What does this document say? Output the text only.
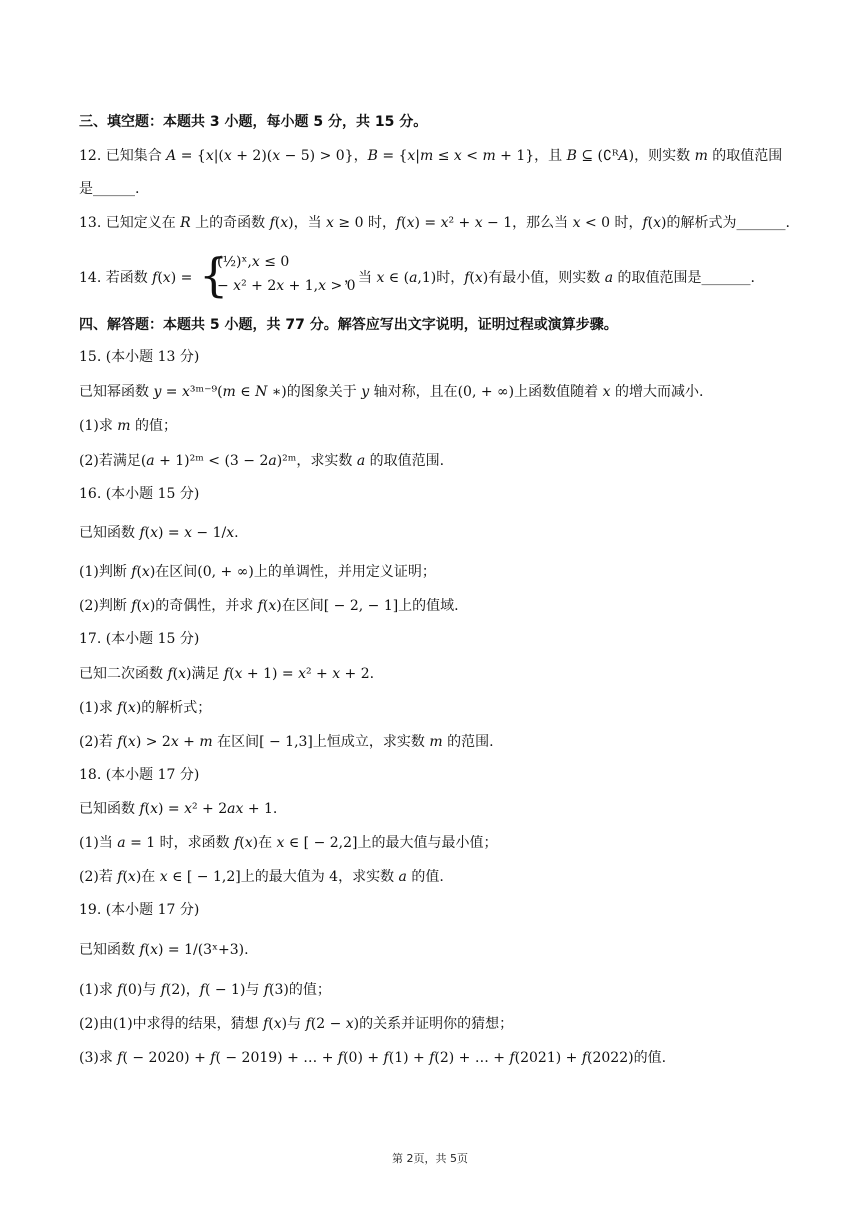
三、填空题：本题共 3 小题，每小题 5 分，共 15 分。
12. 已知集合 𝐴 = {𝑥|(𝑥 + 2)(𝑥 − 5) > 0}，𝐵 = {𝑥|𝑚 ≤ 𝑥 < 𝑚 + 1}，且 𝐵 ⊆ (∁ᴿ𝐴)，则实数 𝑚 的取值范围
是______.
13. 已知定义在 𝑅 上的奇函数 𝑓(𝑥)，当 𝑥 ≥ 0 时，𝑓(𝑥) = 𝑥² + 𝑥 − 1，那么当 𝑥 < 0 时，𝑓(𝑥)的解析式为_______.
14. 若函数 𝑓(𝑥) = {
(½)ˣ,𝑥 ≤ 0
− 𝑥² + 2𝑥 + 1,𝑥 > 0
，当 𝑥 ∈ (𝑎,1)时，𝑓(𝑥)有最小值，则实数 𝑎 的取值范围是_______.
四、解答题：本题共 5 小题，共 77 分。解答应写出文字说明，证明过程或演算步骤。
15. (本小题 13 分)
已知幂函数 𝑦 = 𝑥³ᵐ⁻⁹(𝑚 ∈ 𝑁 ∗)的图象关于 𝑦 轴对称，且在(0, + ∞)上函数值随着 𝑥 的增大而减小.
(1)求 𝑚 的值；
(2)若满足(𝑎 + 1)²ᵐ < (3 − 2𝑎)²ᵐ，求实数 𝑎 的取值范围.
16. (本小题 15 分)
已知函数 𝑓(𝑥) = 𝑥 − 1/𝑥.
(1)判断 𝑓(𝑥)在区间(0, + ∞)上的单调性，并用定义证明；
(2)判断 𝑓(𝑥)的奇偶性，并求 𝑓(𝑥)在区间[ − 2, − 1]上的值域.
17. (本小题 15 分)
已知二次函数 𝑓(𝑥)满足 𝑓(𝑥 + 1) = 𝑥² + 𝑥 + 2.
(1)求 𝑓(𝑥)的解析式；
(2)若 𝑓(𝑥) > 2𝑥 + 𝑚 在区间[ − 1,3]上恒成立，求实数 𝑚 的范围.
18. (本小题 17 分)
已知函数 𝑓(𝑥) = 𝑥² + 2𝑎𝑥 + 1.
(1)当 𝑎 = 1 时，求函数 𝑓(𝑥)在 𝑥 ∈ [ − 2,2]上的最大值与最小值；
(2)若 𝑓(𝑥)在 𝑥 ∈ [ − 1,2]上的最大值为 4，求实数 𝑎 的值.
19. (本小题 17 分)
已知函数 𝑓(𝑥) = 1/(3ˣ+3).
(1)求 𝑓(0)与 𝑓(2)，𝑓( − 1)与 𝑓(3)的值；
(2)由(1)中求得的结果，猜想 𝑓(𝑥)与 𝑓(2 − 𝑥)的关系并证明你的猜想；
(3)求 𝑓( − 2020) + 𝑓( − 2019) + … + 𝑓(0) + 𝑓(1) + 𝑓(2) + … + 𝑓(2021) + 𝑓(2022)的值.
第 2页，共 5页
